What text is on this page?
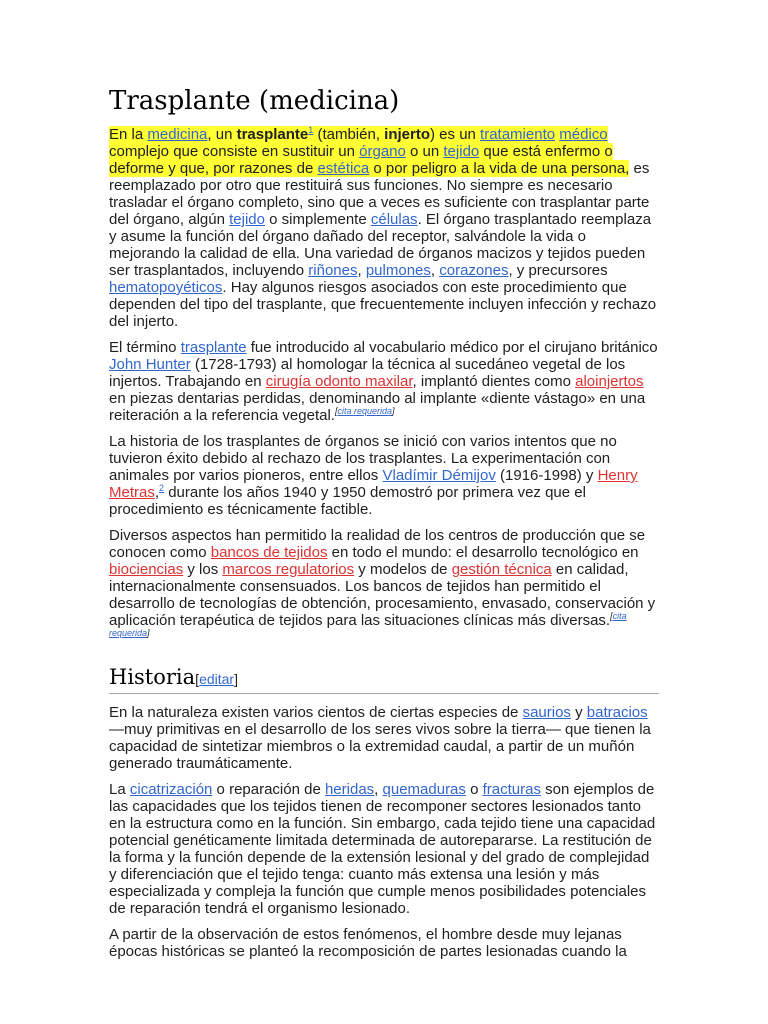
Trasplante (medicina)

En la medicina, un trasplante$^1$ (también, injerto) es un tratamiento médico complejo que consiste en sustituir un órgano o un tejido que está enfermo o deforme y que, por razones de estética o por peligro a la vida de una persona, es reemplazado por otro que restituirá sus funciones. No siempre es necesario trasladar el órgano completo, sino que a veces es suficiente con trasplantar parte del órgano, algún tejido o simplemente células. El órgano trasplantado reemplaza y asume la función del órgano dañado del receptor, salvándole la vida o mejorando la calidad de ella. Una variedad de órganos macizos y tejidos pueden ser trasplantados, incluyendo riñones, pulmones, corazones, y precursores hematopoyéticos. Hay algunos riesgos asociados con este procedimiento que dependen del tipo del trasplante, que frecuentemente incluyen infección y rechazo del injerto.

El término trasplante fue introducido al vocabulario médico por el cirujano británico John Hunter (1728-1793) al homologar la técnica al sucedáneo vegetal de los injertos. Trabajando en cirugía odonto maxilar, implantó dientes como aloinjertos en piezas dentarias perdidas, denominando al implante «diente vástago» en una reiteración a la referencia vegetal.[cita requerida]

La historia de los trasplantes de órganos se inició con varios intentos que no tuvieron éxito debido al rechazo de los trasplantes. La experimentación con animales por varios pioneros, entre ellos Vladímir Démijov (1916-1998) y Henry Metras,$^2$ durante los años 1940 y 1950 demostró por primera vez que el procedimiento es técnicamente factible.

Diversos aspectos han permitido la realidad de los centros de producción que se conocen como bancos de tejidos en todo el mundo: el desarrollo tecnológico en biociencias y los marcos regulatorios y modelos de gestión técnica en calidad, internacionalmente consensuados. Los bancos de tejidos han permitido el desarrollo de tecnologías de obtención, procesamiento, envasado, conservación y aplicación terapéutica de tejidos para las situaciones clínicas más diversas.[cita requerida]

Historia[editar]

En la naturaleza existen varios cientos de ciertas especies de saurios y batracios —muy primitivas en el desarrollo de los seres vivos sobre la tierra— que tienen la capacidad de sintetizar miembros o la extremidad caudal, a partir de un muñón generado traumáticamente.

La cicatrización o reparación de heridas, quemaduras o fracturas son ejemplos de las capacidades que los tejidos tienen de recomponer sectores lesionados tanto en la estructura como en la función. Sin embargo, cada tejido tiene una capacidad potencial genéticamente limitada determinada de autorepararse. La restitución de la forma y la función depende de la extensión lesional y del grado de complejidad y diferenciación que el tejido tenga: cuanto más extensa una lesión y más especializada y compleja la función que cumple menos posibilidades potenciales de reparación tendrá el organismo lesionado.

A partir de la observación de estos fenómenos, el hombre desde muy lejanas épocas históricas se planteó la recomposición de partes lesionadas cuando la
